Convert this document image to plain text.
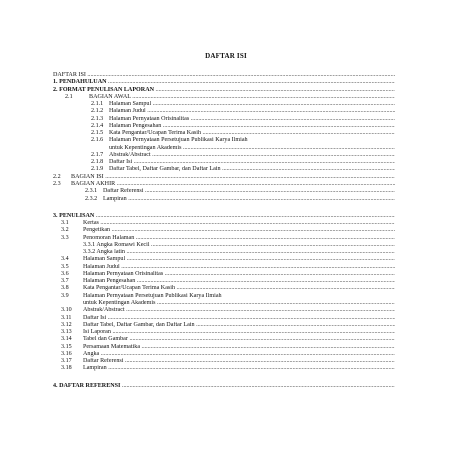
DAFTAR ISI
DAFTAR ISI .....
1. PENDAHULUAN .....
2. FORMAT PENULISAN LAPORAN .....
2.1	BAGIAN AWAL .....
2.1.1 Halaman Sampul .....
2.1.2 Halaman Judul .....
2.1.3 Halaman Pernyataan Orisinalitas .....
2.1.4 Halaman Pengesahan .....
2.1.5 Kata Pengantar/Ucapan Terima Kasih .....
2.1.6 Halaman Pernyataan Persetujuan Publikasi Karya Ilmiah
untuk Kepentingan Akademis .....
2.1.7 Abstrak/Abstract .....
2.1.8 Daftar Isi .....
2.1.9 Daftar Tabel, Daftar Gambar, dan Daftar Lain .....
2.2 BAGIAN ISI .....
2.3 BAGIAN AKHIR .....
2.3.1 Daftar Referensi .....
2.3.2 Lampiran .....
3. PENULISAN .....
3.1 Kertas .....
3.2 Pengetikan .....
3.3 Penomoran Halaman .....
3.3.1 Angka Romawi Kecil .....
3.3.2 Angka latin .....
3.4 Halaman Sampul .....
3.5 Halaman Judul .....
3.6 Halaman Pernyataan Orisinalitas .....
3.7 Halaman Pengesahan .....
3.8 Kata Pengantar/Ucapan Terima Kasih .....
3.9 Halaman Pernyataan Persetujuan Publikasi Karya Ilmiah
untuk Kepentingan Akademis .....
3.10 Abstrak/Abstract .....
3.11 Daftar Isi .....
3.12 Daftar Tabel, Daftar Gambar, dan Daftar Lain .....
3.13 Isi Laporan .....
3.14 Tabel dan Gambar .....
3.15 Persamaan Matematika .....
3.16 Angka .....
3.17 Daftar Referensi .....
3.18 Lampiran .....
4. DAFTAR REFERENSI .....
